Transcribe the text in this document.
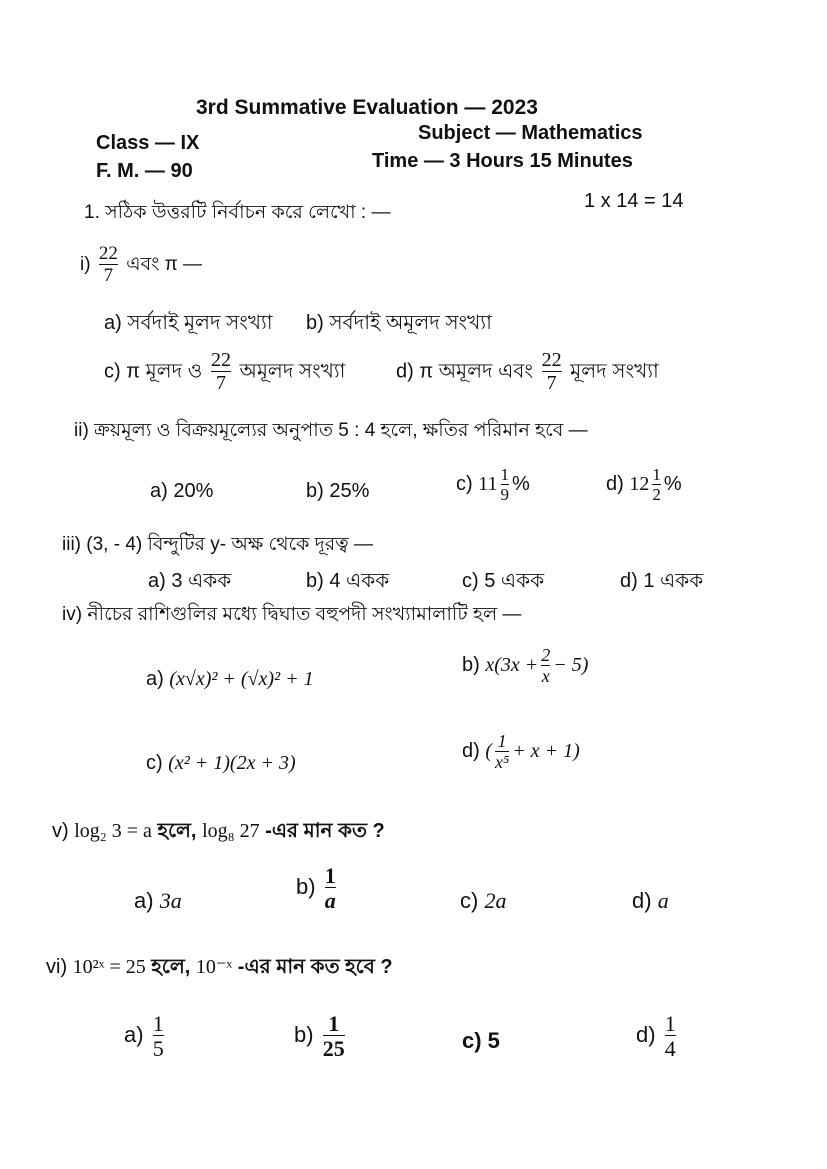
3rd Summative Evaluation — 2023
Class — IX	Subject — Mathematics
F. M. — 90	Time — 3 Hours 15 Minutes
1. সঠিক উত্তরটি নির্বাচন করে লেখো : —
1 x 14 = 14
$i) \frac{22}{7}$ এবং π —
a) সর্বদাই মূলদ সংখ্যা b) সর্বদাই অমূলদ সংখ্যা
c) π মূলদ ও $\frac{22}{7}$ অমূলদ সংখ্যা	d) π অমূলদ এবং $\frac{22}{7}$ মূলদ সংখ্যা
ii) ক্রয়মূল্য ও বিক্রয়মূল্যের অনুপাত 5 : 4 হলে, ক্ষতির পরিমান হবে —
a) 20%	b) 25%	c) $11 \frac{1}{9}$ %	d) $12 \frac{1}{2}$ %
iii) (3, - 4) বিন্দুটির y- অক্ষ থেকে দূরত্ব —
a) 3 একক	b) 4 একক	c) 5 একক	d) 1 একক
iv) নীচের রাশিগুলির মধ্যে দ্বিঘাত বহুপদী সংখ্যামালাটি হল —
a) (x√x)² + (√x)² + 1
b) $x(3x + \frac{2}{x} - 5)$
c) (x² + 1)(2x + 3)
d) ( $\frac{1}{\text{x⁵}} + x + 1$)
v) log₂ 3 = a হলে, log₈ 27 -এর মান কত ?
a) 3a
$b) \frac{1}{a}$	c) 2a	d) a
vi) 10²ˣ = 25 হলে, 10⁻ˣ -এর মান কত হবে ?
$a) \frac{1}{5}$	$b) \frac{1}{25}$	c) 5	$d) \frac{1}{4}$
